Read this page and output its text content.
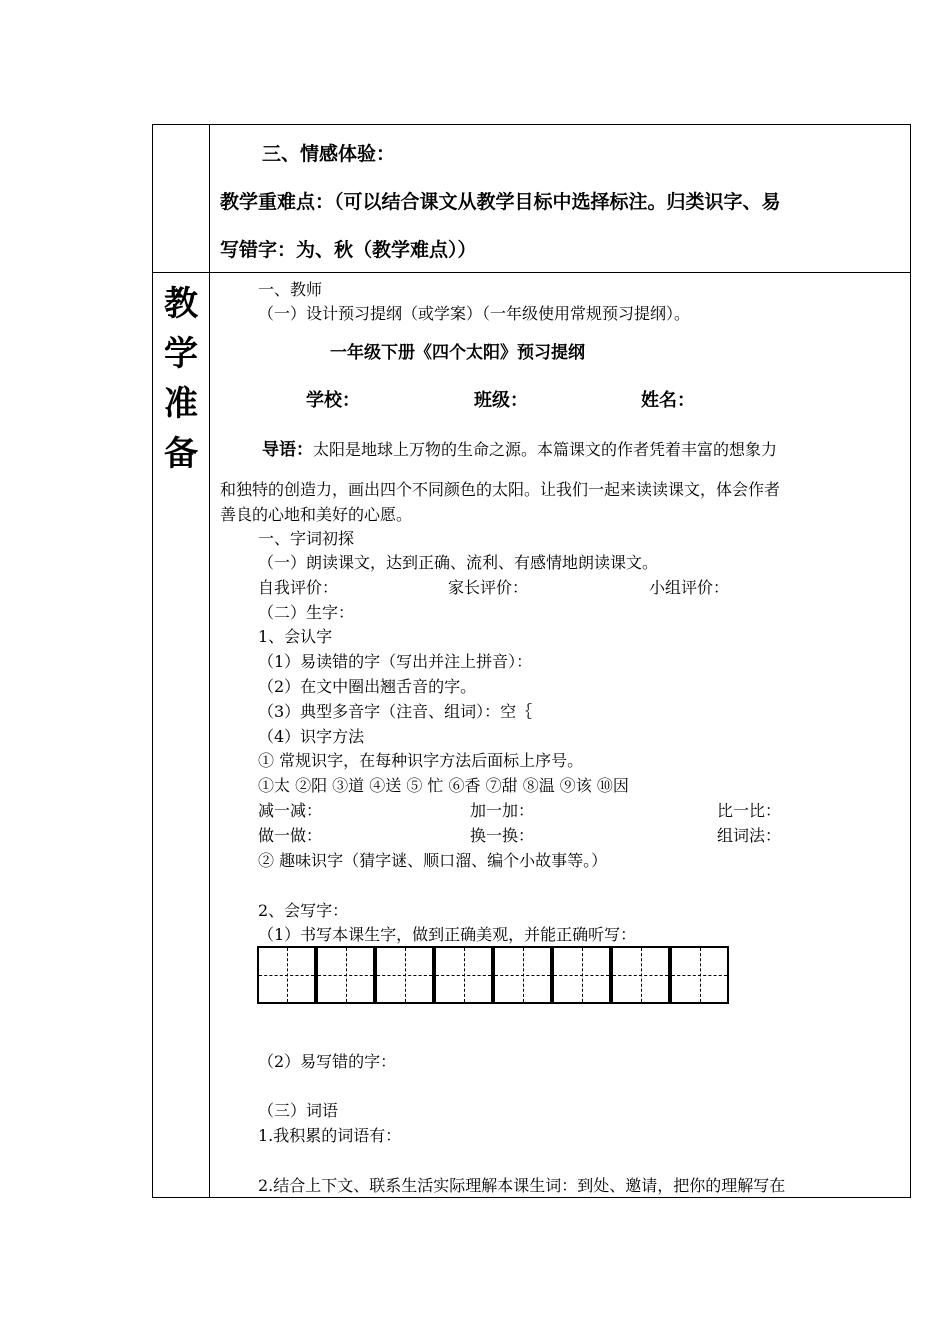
三、情感体验：
教学重难点：（可以结合课文从教学目标中选择标注。归类识字、易
写错字：为、秋（教学难点））
教
学
准
备
一、教师
（一）设计预习提纲（或学案）（一年级使用常规预习提纲）。
一年级下册《四个太阳》预习提纲
学校：	班级：	姓名：
导语：太阳是地球上万物的生命之源。本篇课文的作者凭着丰富的想象力
和独特的创造力，画出四个不同颜色的太阳。让我们一起来读读课文，体会作者
善良的心地和美好的心愿。
一、字词初探
（一）朗读课文，达到正确、流利、有感情地朗读课文。
自我评价：	家长评价：	小组评价：
（二）生字：
1、会认字
（1）易读错的字（写出并注上拼音）：
（2）在文中圈出翘舌音的字。
（3）典型多音字（注音、组词）：空｛
（4）识字方法
① 常规识字，在每种识字方法后面标上序号。
①太 ②阳 ③道 ④送 ⑤ 忙 ⑥香 ⑦甜 ⑧温 ⑨该 ⑩因
减一减：	加一加：	比一比：
做一做：	换一换：	组词法：
② 趣味识字（猜字谜、顺口溜、编个小故事等。）
2、会写字：
（1）书写本课生字，做到正确美观，并能正确听写：
（2）易写错的字：
（三）词语
1.我积累的词语有：
2.结合上下文、联系生活实际理解本课生词：到处、邀请，把你的理解写在
